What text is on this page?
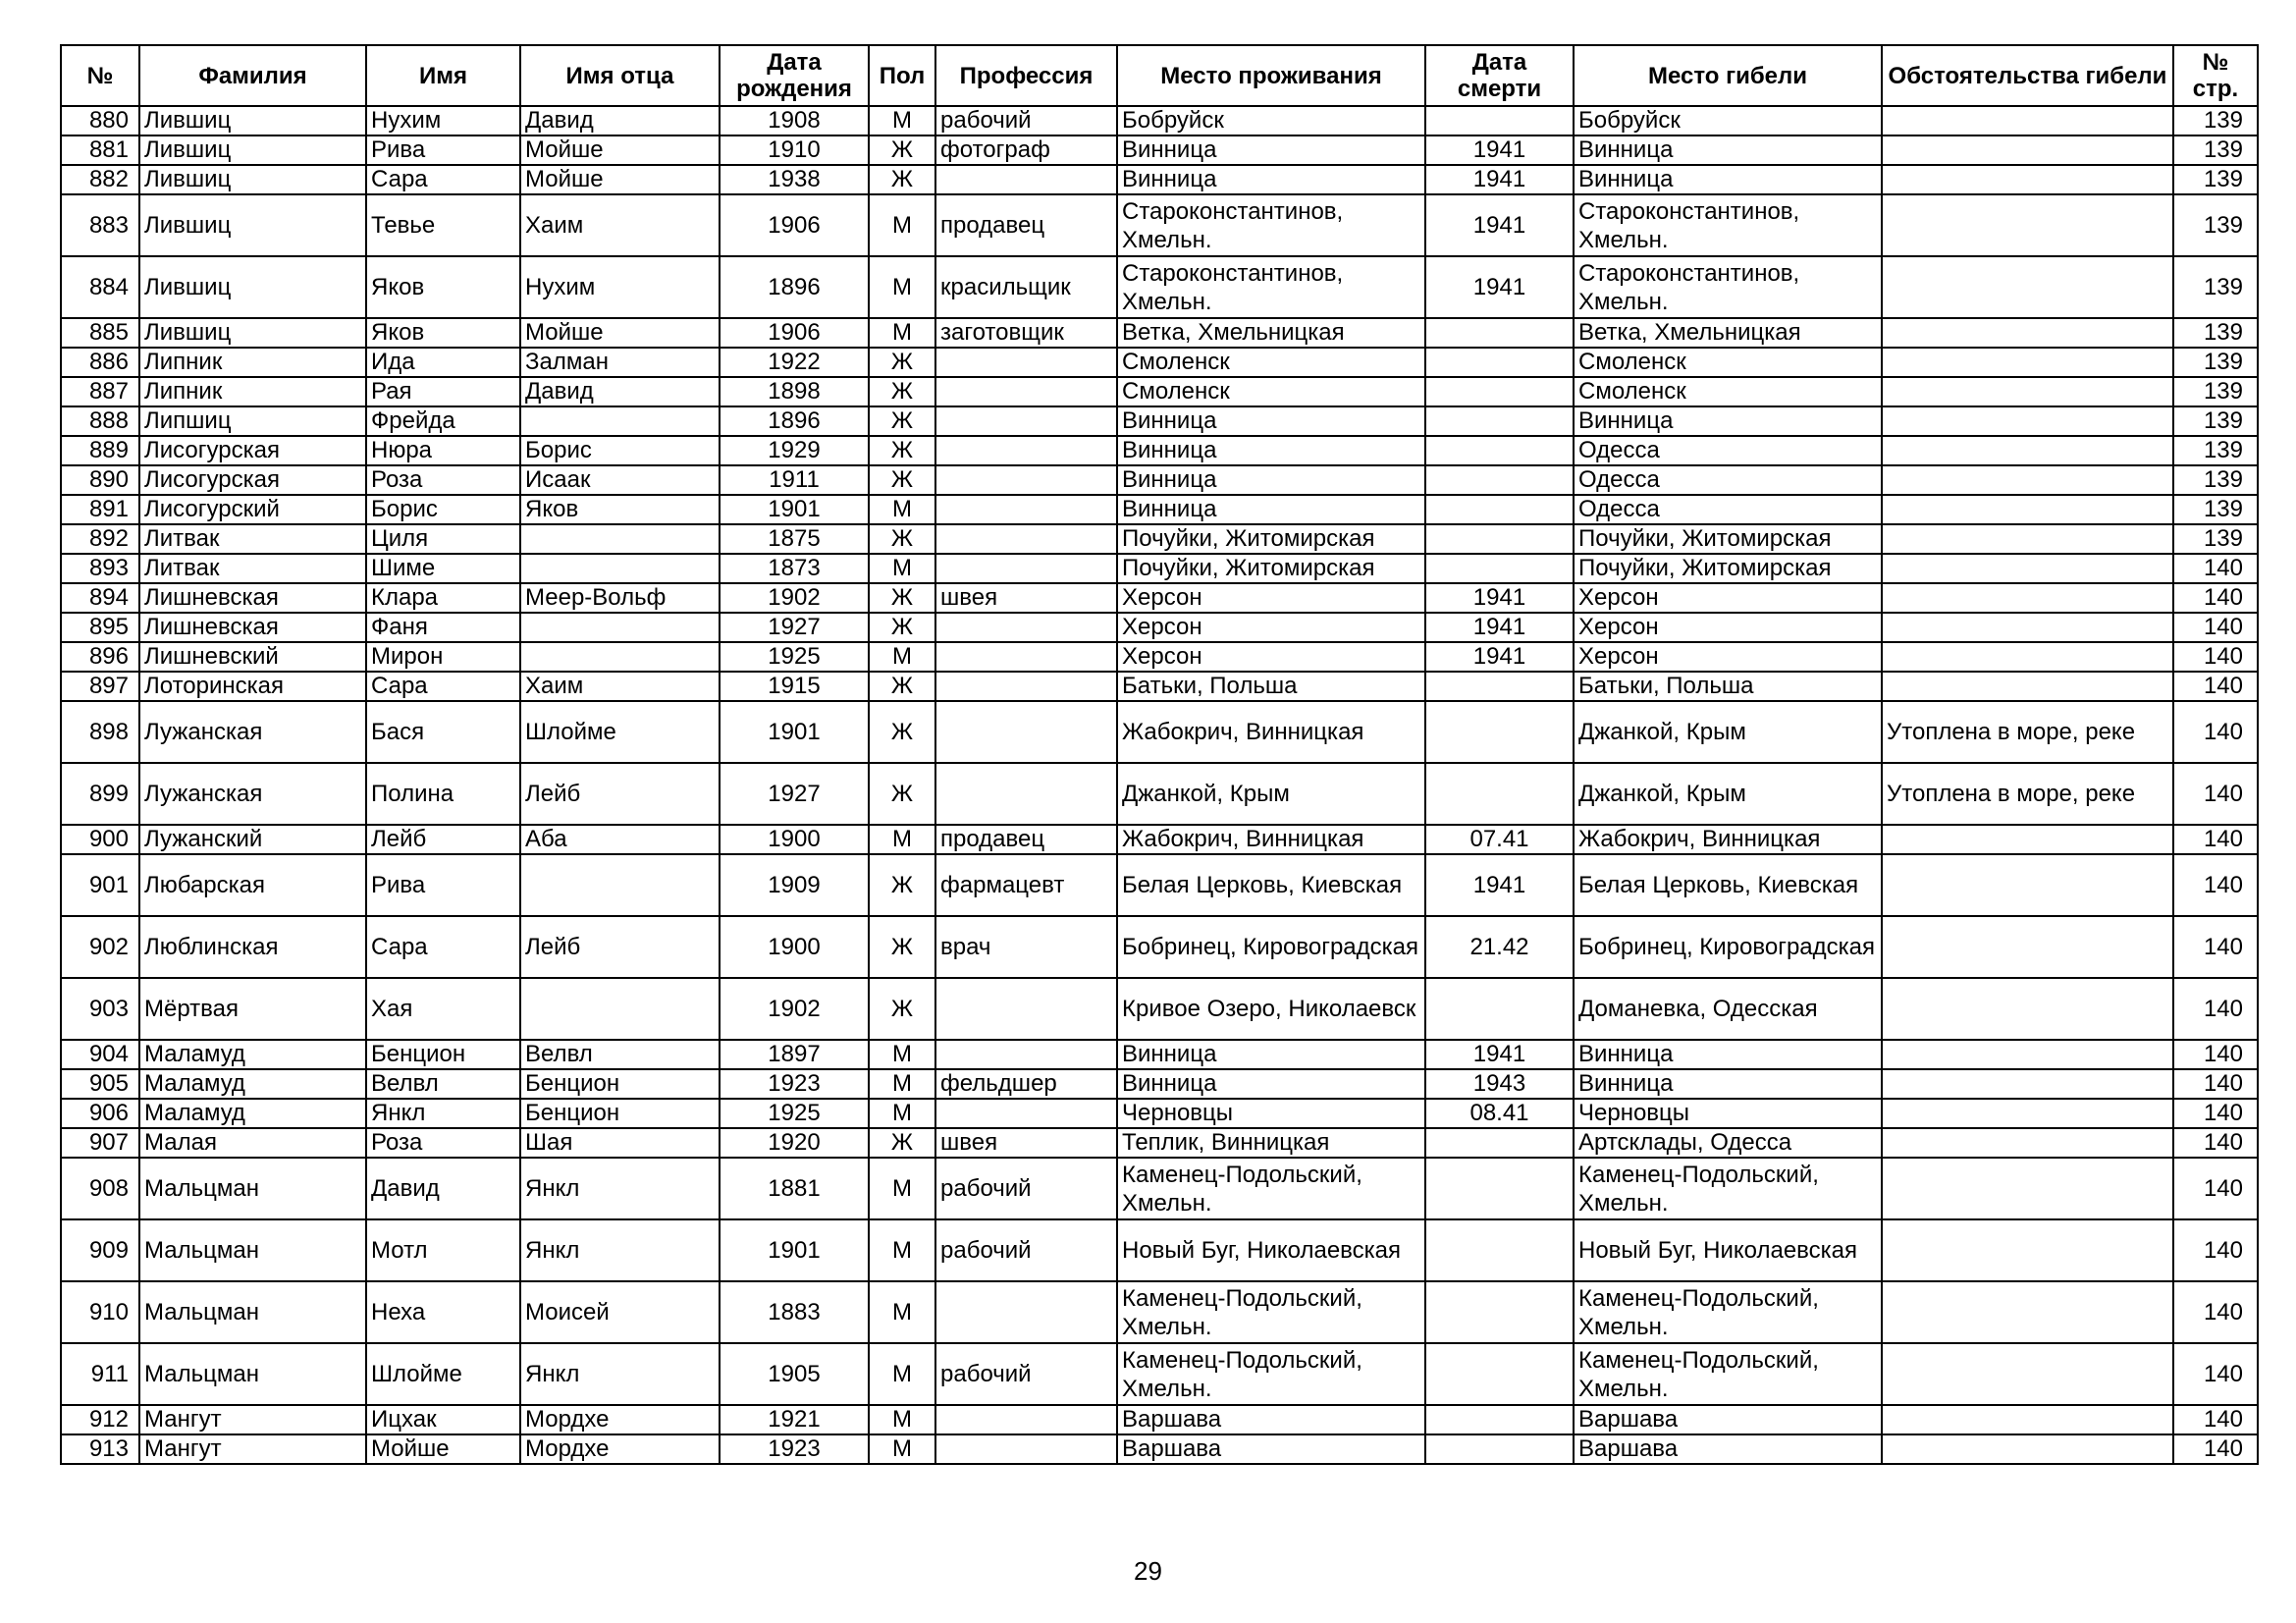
№	Фамилия	Имя	Имя отца	Дата рождения	Пол	Профессия	Место проживания	Дата смерти	Место гибели	Обстоятельства гибели	№ стр.
880	Лившиц	Нухим	Давид	1908	М	рабочий	Бобруйск		Бобруйск		139
881	Лившиц	Рива	Мойше	1910	Ж	фотограф	Винница	1941	Винница		139
882	Лившиц	Сара	Мойше	1938	Ж		Винница	1941	Винница		139
883	Лившиц	Тевье	Хаим	1906	М	продавец	Староконстантинов, Хмельн.	1941	Староконстантинов, Хмельн.		139
884	Лившиц	Яков	Нухим	1896	М	красильщик	Староконстантинов, Хмельн.	1941	Староконстантинов, Хмельн.		139
885	Лившиц	Яков	Мойше	1906	М	заготовщик	Ветка, Хмельницкая		Ветка, Хмельницкая		139
886	Липник	Ида	Залман	1922	Ж		Смоленск		Смоленск		139
887	Липник	Рая	Давид	1898	Ж		Смоленск		Смоленск		139
888	Липшиц	Фрейда		1896	Ж		Винница		Винница		139
889	Лисогурская	Нюра	Борис	1929	Ж		Винница		Одесса		139
890	Лисогурская	Роза	Исаак	1911	Ж		Винница		Одесса		139
891	Лисогурский	Борис	Яков	1901	М		Винница		Одесса		139
892	Литвак	Циля		1875	Ж		Почуйки, Житомирская		Почуйки, Житомирская		139
893	Литвак	Шиме		1873	М		Почуйки, Житомирская		Почуйки, Житомирская		140
894	Лишневская	Клара	Меер-Вольф	1902	Ж	швея	Херсон	1941	Херсон		140
895	Лишневская	Фаня		1927	Ж		Херсон	1941	Херсон		140
896	Лишневский	Мирон		1925	М		Херсон	1941	Херсон		140
897	Лоторинская	Сара	Хаим	1915	Ж		Батьки, Польша		Батьки, Польша		140
898	Лужанская	Бася	Шлойме	1901	Ж		Жабокрич, Винницкая		Джанкой, Крым	Утоплена в море, реке	140
899	Лужанская	Полина	Лейб	1927	Ж		Джанкой, Крым		Джанкой, Крым	Утоплена в море, реке	140
900	Лужанский	Лейб	Аба	1900	М	продавец	Жабокрич, Винницкая	07.41	Жабокрич, Винницкая		140
901	Любарская	Рива		1909	Ж	фармацевт	Белая Церковь, Киевская	1941	Белая Церковь, Киевская		140
902	Люблинская	Сара	Лейб	1900	Ж	врач	Бобринец, Кировоградская	21.42	Бобринец, Кировоградская		140
903	Мёртвая	Хая		1902	Ж		Кривое Озеро, Николаевск		Доманевка, Одесская		140
904	Маламуд	Бенцион	Велвл	1897	М		Винница	1941	Винница		140
905	Маламуд	Велвл	Бенцион	1923	М	фельдшер	Винница	1943	Винница		140
906	Маламуд	Янкл	Бенцион	1925	М		Черновцы	08.41	Черновцы		140
907	Малая	Роза	Шая	1920	Ж	швея	Теплик, Винницкая		Артсклады, Одесса		140
908	Мальцман	Давид	Янкл	1881	М	рабочий	Каменец-Подольский, Хмельн.		Каменец-Подольский, Хмельн.		140
909	Мальцман	Мотл	Янкл	1901	М	рабочий	Новый Буг, Николаевская		Новый Буг, Николаевская		140
910	Мальцман	Неха	Моисей	1883	М		Каменец-Подольский, Хмельн.		Каменец-Подольский, Хмельн.		140
911	Мальцман	Шлойме	Янкл	1905	М	рабочий	Каменец-Подольский, Хмельн.		Каменец-Подольский, Хмельн.		140
912	Мангут	Ицхак	Мордхе	1921	М		Варшава		Варшава		140
913	Мангут	Мойше	Мордхе	1923	М		Варшава		Варшава		140
29
